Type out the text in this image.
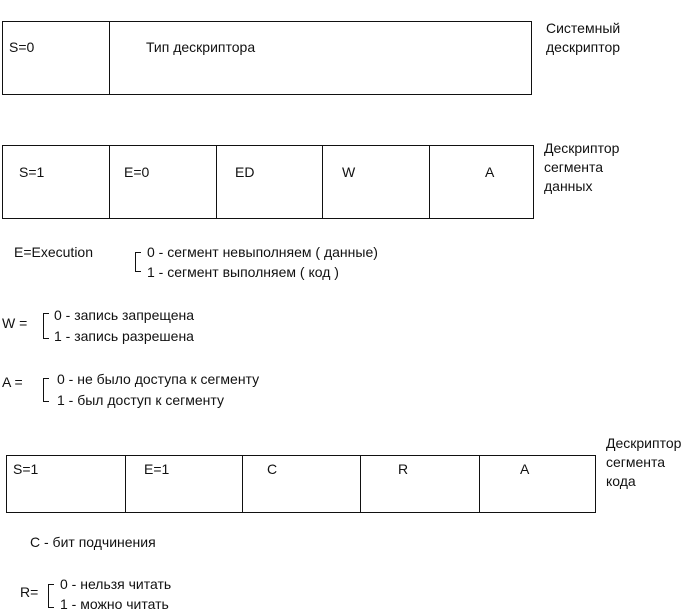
S=0	Тип дескриптора
Системный
дескриптор
S=1	E=0	ED	W	A
Дескриптор
сегмента
данных
E=Execution	0 - сегмент невыполняем ( данные)
1 - сегмент выполняем ( код )
W = 0 - запись запрещена
1 - запись разрешена
A = 0 - не было доступа к сегменту
1 - был доступ к сегменту
S=1	E=1	C	R	A
Дескриптор
сегмента
кода
C - бит подчинения
R= 0 - нельзя читать
1 - можно читать
